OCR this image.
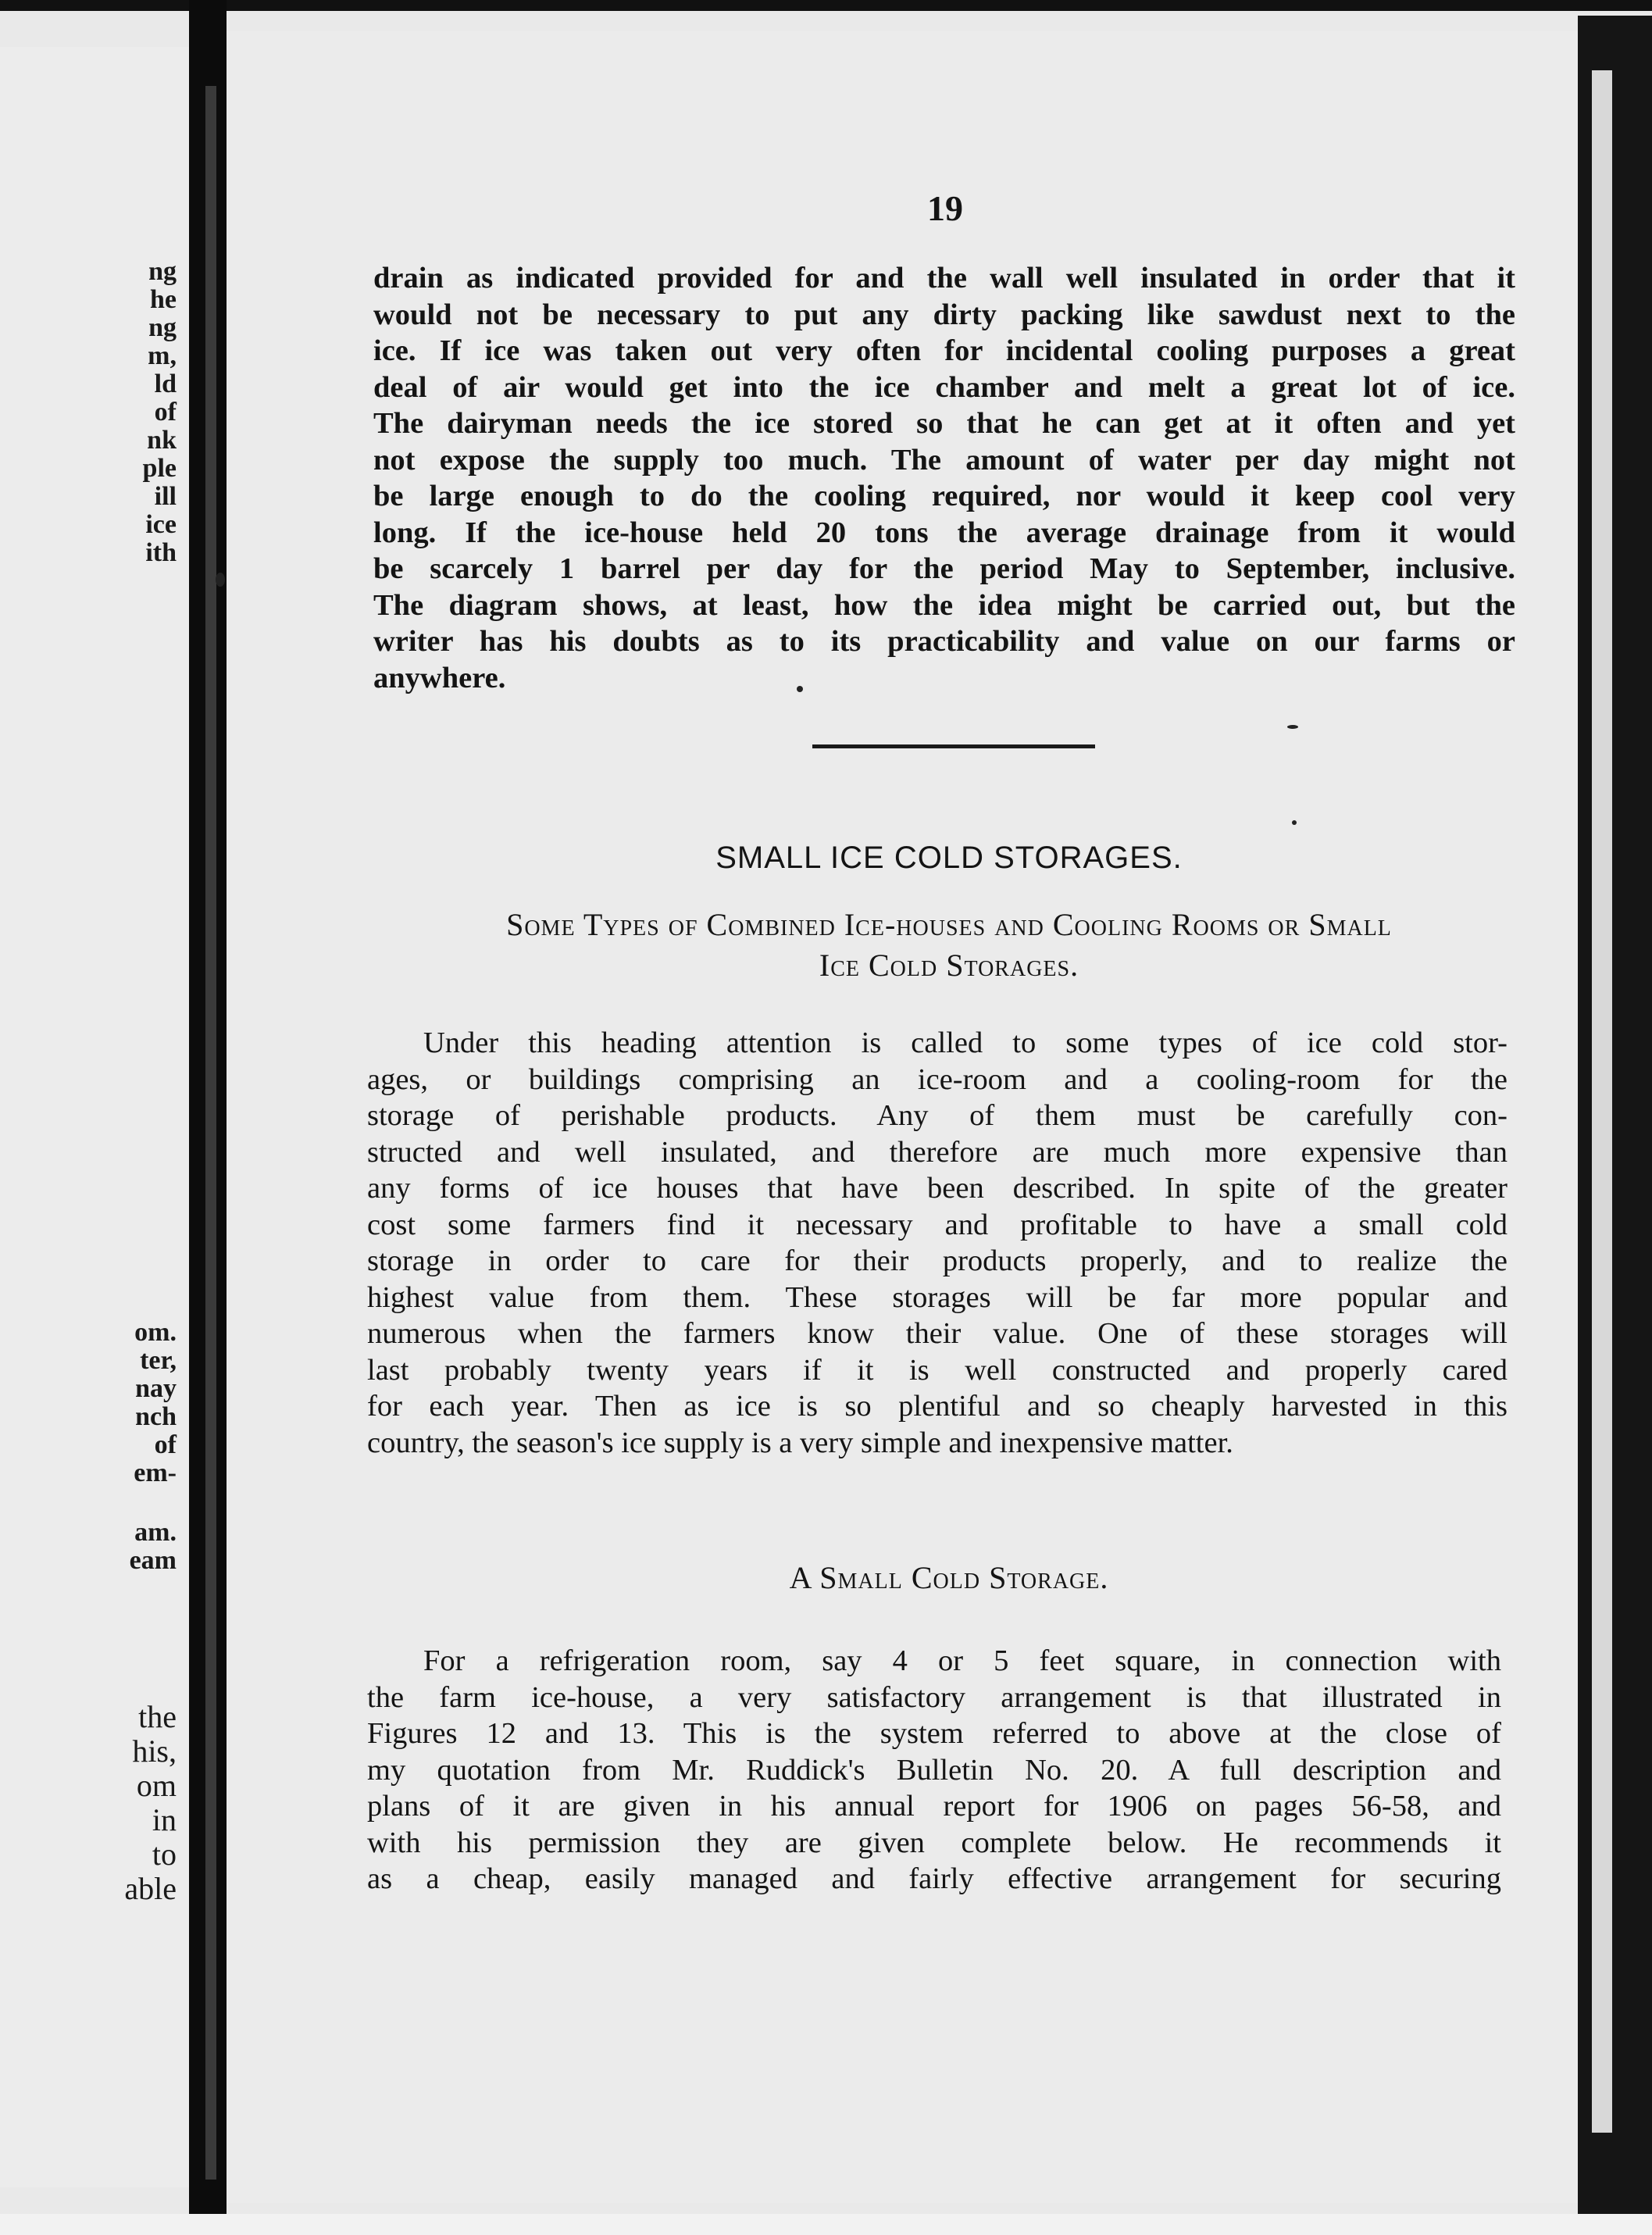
ng
he
ng
m,
ld
of
nk
ple
ill
ice
ith
om.
ter,
nay
nch
of
em-
am.
eam
the
his,
om
in
to
able

19

drain as indicated provided for and the wall well insulated in order that it
would not be necessary to put any dirty packing like sawdust next to the
ice. If ice was taken out very often for incidental cooling purposes a great
deal of air would get into the ice chamber and melt a great lot of ice.
The dairyman needs the ice stored so that he can get at it often and yet
not expose the supply too much. The amount of water per day might not
be large enough to do the cooling required, nor would it keep cool very
long. If the ice-house held 20 tons the average drainage from it would
be scarcely 1 barrel per day for the period May to September, inclusive.
The diagram shows, at least, how the idea might be carried out, but the
writer has his doubts as to its practicability and value on our farms or
anywhere.

SMALL ICE COLD STORAGES.

Some Types of Combined Ice-houses and Cooling Rooms or Small
Ice Cold Storages.
Under this heading attention is called to some types of ice cold stor-
ages, or buildings comprising an ice-room and a cooling-room for the
storage of perishable products. Any of them must be carefully con-
structed and well insulated, and therefore are much more expensive than
any forms of ice houses that have been described. In spite of the greater
cost some farmers find it necessary and profitable to have a small cold
storage in order to care for their products properly, and to realize the
highest value from them. These storages will be far more popular and
numerous when the farmers know their value. One of these storages will
last probably twenty years if it is well constructed and properly cared
for each year. Then as ice is so plentiful and so cheaply harvested in this
country, the season's ice supply is a very simple and inexpensive matter.

A Small Cold Storage.

For a refrigeration room, say 4 or 5 feet square, in connection with
the farm ice-house, a very satisfactory arrangement is that illustrated in
Figures 12 and 13. This is the system referred to above at the close of
my quotation from Mr. Ruddick's Bulletin No. 20. A full description and
plans of it are given in his annual report for 1906 on pages 56-58, and
with his permission they are given complete below. He recommends it
as a cheap, easily managed and fairly effective arrangement for securing
